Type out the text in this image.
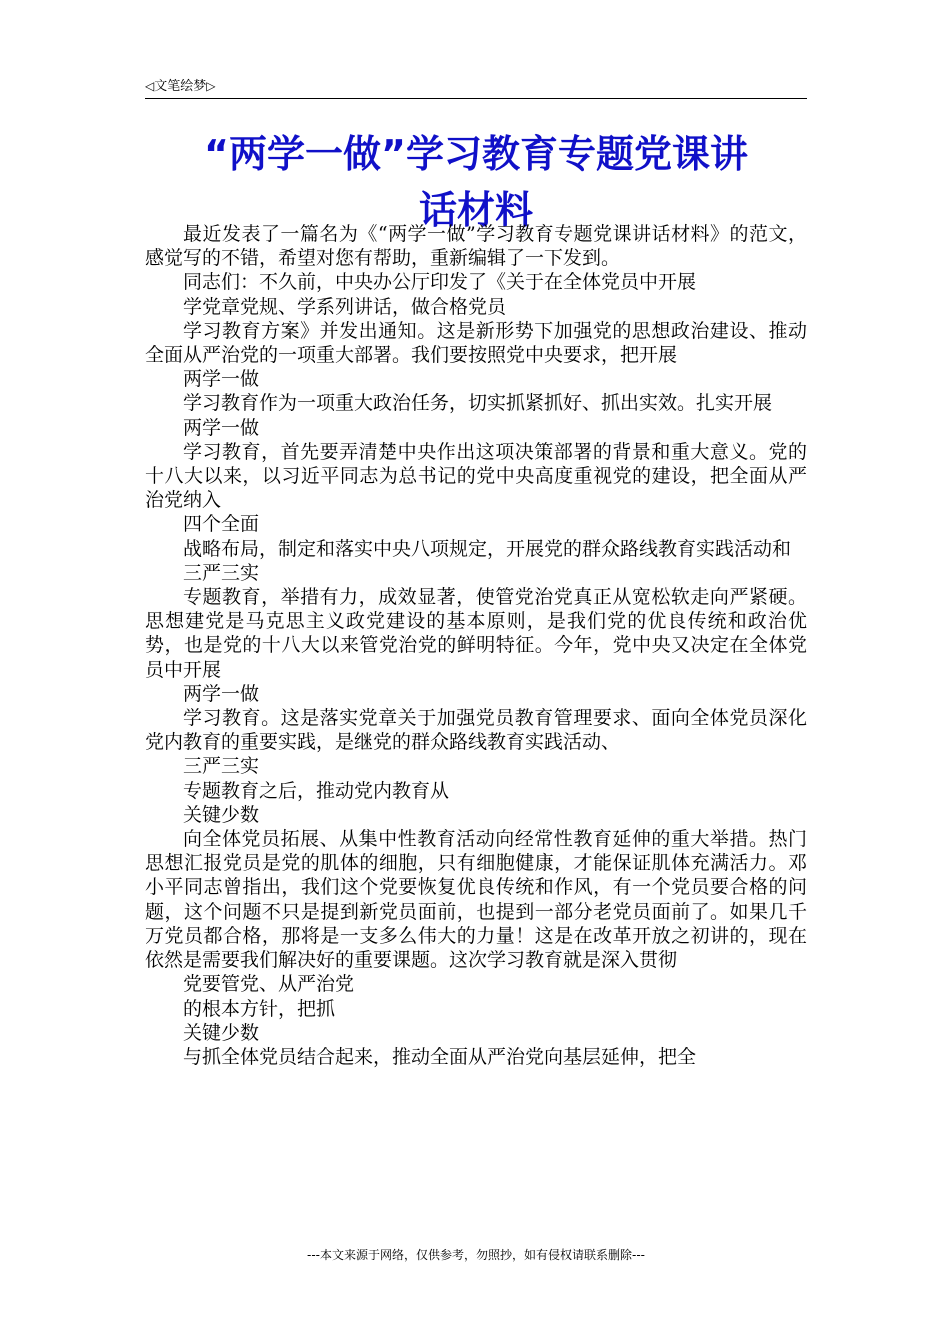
◁文笔绘梦▷
“两学一做”学习教育专题党课讲
话材料

最近发表了一篇名为《“两学一做”学习教育专题党课讲话材料》的范文，感觉写的不错，希望对您有帮助，重新编辑了一下发到。

同志们：不久前，中央办公厅印发了《关于在全体党员中开展

学党章党规、学系列讲话，做合格党员

学习教育方案》并发出通知。这是新形势下加强党的思想政治建设、推动全面从严治党的一项重大部署。我们要按照党中央要求，把开展

两学一做

学习教育作为一项重大政治任务，切实抓紧抓好、抓出实效。扎实开展

两学一做

学习教育，首先要弄清楚中央作出这项决策部署的背景和重大意义。党的十八大以来，以习近平同志为总书记的党中央高度重视党的建设，把全面从严治党纳入

四个全面

战略布局，制定和落实中央八项规定，开展党的群众路线教育实践活动和

三严三实

专题教育，举措有力，成效显著，使管党治党真正从宽松软走向严紧硬。思想建党是马克思主义政党建设的基本原则，是我们党的优良传统和政治优势，也是党的十八大以来管党治党的鲜明特征。今年，党中央又决定在全体党员中开展

两学一做

学习教育。这是落实党章关于加强党员教育管理要求、面向全体党员深化党内教育的重要实践，是继党的群众路线教育实践活动、

三严三实

专题教育之后，推动党内教育从

关键少数

向全体党员拓展、从集中性教育活动向经常性教育延伸的重大举措。热门思想汇报党员是党的肌体的细胞，只有细胞健康，才能保证肌体充满活力。邓小平同志曾指出，我们这个党要恢复优良传统和作风，有一个党员要合格的问题，这个问题不只是提到新党员面前，也提到一部分老党员面前了。如果几千万党员都合格，那将是一支多么伟大的力量！这是在改革开放之初讲的，现在依然是需要我们解决好的重要课题。这次学习教育就是深入贯彻

党要管党、从严治党

的根本方针，把抓

关键少数

与抓全体党员结合起来，推动全面从严治党向基层延伸，把全

---本文来源于网络，仅供参考，勿照抄，如有侵权请联系删除---
